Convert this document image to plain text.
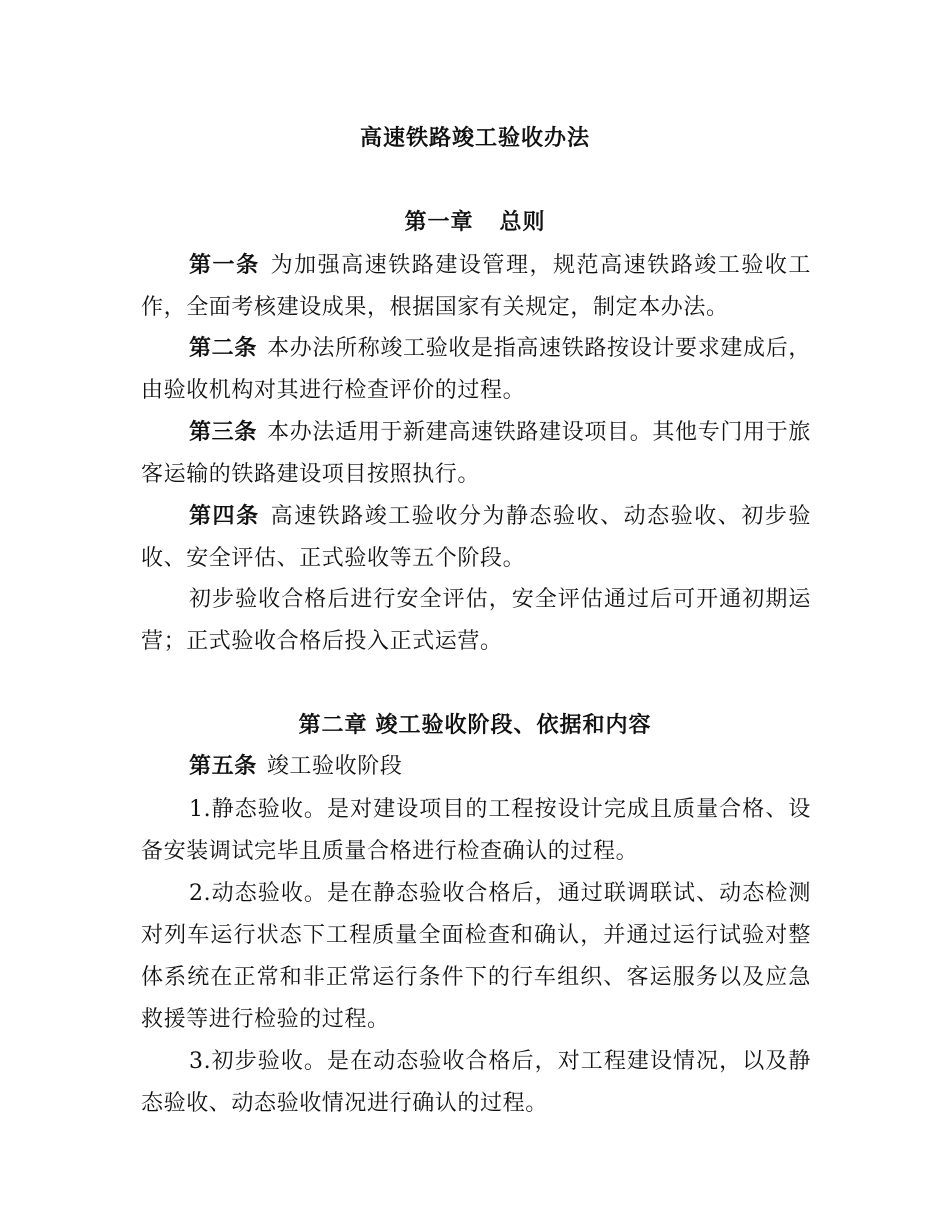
高速铁路竣工验收办法
第一章 总则

第一条 为加强高速铁路建设管理，规范高速铁路竣工验收工作，全面考核建设成果，根据国家有关规定，制定本办法。

第二条 本办法所称竣工验收是指高速铁路按设计要求建成后，由验收机构对其进行检查评价的过程。

第三条 本办法适用于新建高速铁路建设项目。其他专门用于旅客运输的铁路建设项目按照执行。

第四条 高速铁路竣工验收分为静态验收、动态验收、初步验收、安全评估、正式验收等五个阶段。

初步验收合格后进行安全评估，安全评估通过后可开通初期运营；正式验收合格后投入正式运营。

第二章 竣工验收阶段、依据和内容

第五条 竣工验收阶段

1.静态验收。是对建设项目的工程按设计完成且质量合格、设备安装调试完毕且质量合格进行检查确认的过程。

2.动态验收。是在静态验收合格后，通过联调联试、动态检测对列车运行状态下工程质量全面检查和确认，并通过运行试验对整体系统在正常和非正常运行条件下的行车组织、客运服务以及应急救援等进行检验的过程。

3.初步验收。是在动态验收合格后，对工程建设情况，以及静态验收、动态验收情况进行确认的过程。
